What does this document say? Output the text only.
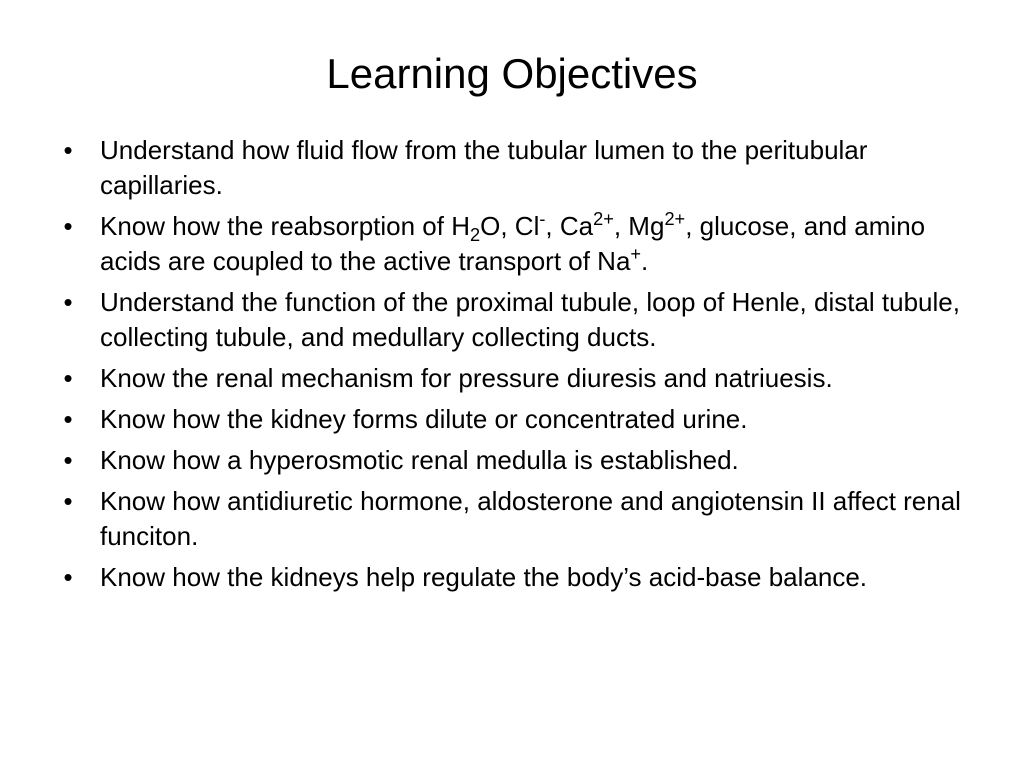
Learning Objectives
• Understand how fluid flow from the tubular lumen to the peritubular capillaries.
• Know how the reabsorption of $H_2O$, Cl-, $Ca^{2+}$, $Mg^{2+}$, glucose, and amino acids are coupled to the active transport of Na+.
• Understand the function of the proximal tubule, loop of Henle, distal tubule, collecting tubule, and medullary collecting ducts.
• Know the renal mechanism for pressure diuresis and natriuesis.
• Know how the kidney forms dilute or concentrated urine.
• Know how a hyperosmotic renal medulla is established.
• Know how antidiuretic hormone, aldosterone and angiotensin II affect renal funciton.
• Know how the kidneys help regulate the body’s acid-base balance.
